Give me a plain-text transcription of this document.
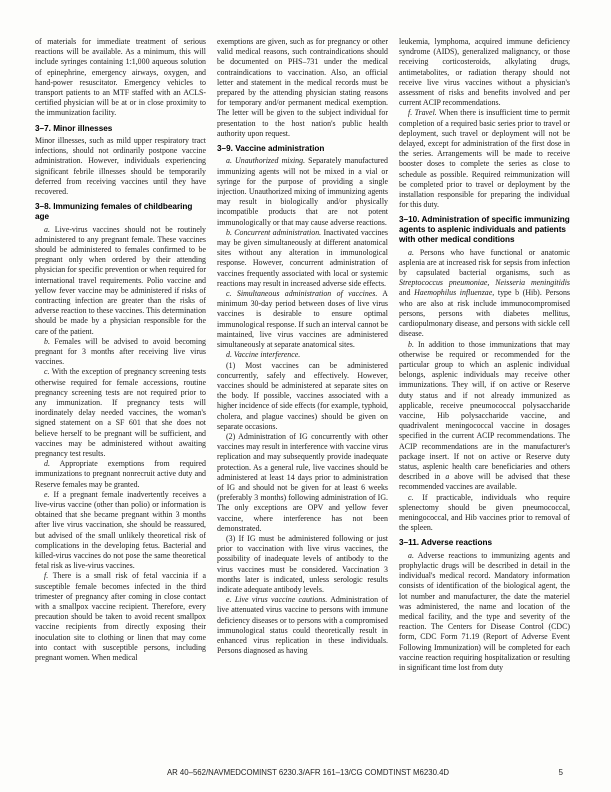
of materials for immediate treatment of serious reactions will be available. As a minimum, this will include syringes containing 1:1,000 aqueous solution of epinephrine, emergency airways, oxygen, and hand-power resuscitator. Emergency vehicles to transport patients to an MTF staffed with an ACLS-certified physician will be at or in close proximity to the immunization facility.

3–7. Minor illnesses

Minor illnesses, such as mild upper respiratory tract infections, should not ordinarily postpone vaccine administration. However, individuals experiencing significant febrile illnesses should be temporarily deferred from receiving vaccines until they have recovered.

3–8. Immunizing females of childbearing age

a. Live-virus vaccines should not be routinely administered to any pregnant female. These vaccines should be administered to females confirmed to be pregnant only when ordered by their attending physician for specific prevention or when required for international travel requirements. Polio vaccine and yellow fever vaccine may be administered if risks of contracting infection are greater than the risks of adverse reaction to these vaccines. This determination should be made by a physician responsible for the care of the patient.

b. Females will be advised to avoid becoming pregnant for 3 months after receiving live virus vaccines.

c. With the exception of pregnancy screening tests otherwise required for female accessions, routine pregnancy screening tests are not required prior to any immunization. If pregnancy tests will inordinately delay needed vaccines, the woman's signed statement on a SF 601 that she does not believe herself to be pregnant will be sufficient, and vaccines may be administered without awaiting pregnancy test results.

d. Appropriate exemptions from required immunizations to pregnant nonrecruit active duty and Reserve females may be granted.

e. If a pregnant female inadvertently receives a live-virus vaccine (other than polio) or information is obtained that she became pregnant within 3 months after live virus vaccination, she should be reassured, but advised of the small unlikely theoretical risk of complications in the developing fetus. Bacterial and killed-virus vaccines do not pose the same theoretical fetal risk as live-virus vaccines.

f. There is a small risk of fetal vaccinia if a susceptible female becomes infected in the third trimester of pregnancy after coming in close contact with a smallpox vaccine recipient. Therefore, every precaution should be taken to avoid recent smallpox vaccine recipients from directly exposing their inoculation site to clothing or linen that may come into contact with susceptible persons, including pregnant women. When medical

exemptions are given, such as for pregnancy or other valid medical reasons, such contraindications should be documented on PHS–731 under the medical contraindications to vaccination. Also, an official letter and statement in the medical records must be prepared by the attending physician stating reasons for temporary and/or permanent medical exemption. The letter will be given to the subject individual for presentation to the host nation's public health authority upon request.

3–9. Vaccine administration

a. Unauthorized mixing. Separately manufactured immunizing agents will not be mixed in a vial or syringe for the purpose of providing a single injection. Unauthorized mixing of immunizing agents may result in biologically and/or physically incompatible products that are not potent immunologically or that may cause adverse reactions.

b. Concurrent administration. Inactivated vaccines may be given simultaneously at different anatomical sites without any alteration in immunological response. However, concurrent administration of vaccines frequently associated with local or systemic reactions may result in increased adverse side effects.

c. Simultaneous administration of vaccines. A minimum 30-day period between doses of live virus vaccines is desirable to ensure optimal immunological response. If such an interval cannot be maintained, live virus vaccines are administered simultaneously at separate anatomical sites.

d. Vaccine interference.

(1) Most vaccines can be administered concurrently, safely and effectively. However, vaccines should be administered at separate sites on the body. If possible, vaccines associated with a higher incidence of side effects (for example, typhoid, cholera, and plague vaccines) should be given on separate occasions.

(2) Administration of IG concurrently with other vaccines may result in interference with vaccine virus replication and may subsequently provide inadequate protection. As a general rule, live vaccines should be administered at least 14 days prior to administration of IG and should not be given for at least 6 weeks (preferably 3 months) following administration of IG. The only exceptions are OPV and yellow fever vaccine, where interference has not been demonstrated.

(3) If IG must be administered following or just prior to vaccination with live virus vaccines, the possibility of inadequate levels of antibody to the virus vaccines must be considered. Vaccination 3 months later is indicated, unless serologic results indicate adequate antibody levels.

e. Live virus vaccine cautions. Administration of live attenuated virus vaccine to persons with immune deficiency diseases or to persons with a compromised immunological status could theoretically result in enhanced virus replication in these individuals. Persons diagnosed as having

leukemia, lymphoma, acquired immune deficiency syndrome (AIDS), generalized malignancy, or those receiving corticosteroids, alkylating drugs, antimetabolites, or radiation therapy should not receive live virus vaccines without a physician's assessment of risks and benefits involved and per current ACIP recommendations.

f. Travel. When there is insufficient time to permit completion of a required basic series prior to travel or deployment, such travel or deployment will not be delayed, except for administration of the first dose in the series. Arrangements will be made to receive booster doses to complete the series as close to schedule as possible. Required reimmunization will be completed prior to travel or deployment by the installation responsible for preparing the individual for this duty.

3–10. Administration of specific immunizing agents to asplenic individuals and patients with other medical conditions

a. Persons who have functional or anatomic asplenia are at increased risk for sepsis from infection by capsulated bacterial organisms, such as Streptococcus pneumoniae, Neisseria meningitidis and Haemophilus influenzae, type b (Hib). Persons who are also at risk include immunocompromised persons, persons with diabetes mellitus, cardiopulmonary disease, and persons with sickle cell disease.

b. In addition to those immunizations that may otherwise be required or recommended for the particular group to which an asplenic individual belongs, asplenic individuals may receive other immunizations. They will, if on active or Reserve duty status and if not already immunized as applicable, receive pneumococcal polysaccharide vaccine, Hib polysaccharide vaccine, and quadrivalent meningococcal vaccine in dosages specified in the current ACIP recommendations. The ACIP recommendations are in the manufacturer's package insert. If not on active or Reserve duty status, asplenic health care beneficiaries and others described in a above will be advised that these recommended vaccines are available.

c. If practicable, individuals who require splenectomy should be given pneumococcal, meningococcal, and Hib vaccines prior to removal of the spleen.

3–11. Adverse reactions

a. Adverse reactions to immunizing agents and prophylactic drugs will be described in detail in the individual's medical record. Mandatory information consists of identification of the biological agent, the lot number and manufacturer, the date the materiel was administered, the name and location of the medical facility, and the type and severity of the reaction. The Centers for Disease Control (CDC) form, CDC Form 71.19 (Report of Adverse Event Following Immunization) will be completed for each vaccine reaction requiring hospitalization or resulting in significant time lost from duty

AR 40–562/NAVMEDCOMINST 6230.3/AFR 161–13/CG COMDTINST M6230.4D	5
